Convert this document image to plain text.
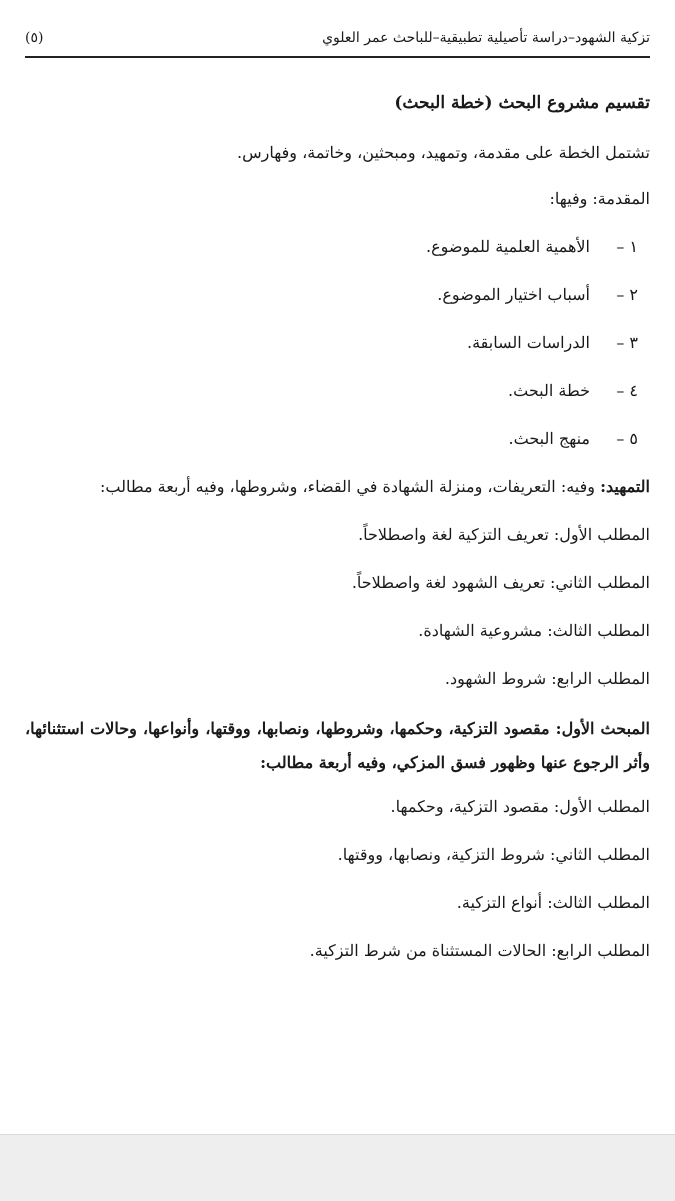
تزكية الشهود–دراسة تأصيلية تطبيقية–للباحث عمر العلوي
(٥)
تقسيم مشروع البحث (خطة البحث)
تشتمل الخطة على مقدمة، وتمهيد، ومبحثين، وخاتمة، وفهارس.
المقدمة: وفيها:
١ –الأهمية العلمية للموضوع.
٢ –أسباب اختيار الموضوع.
٣ –الدراسات السابقة.
٤ –خطة البحث.
٥ –منهج البحث.
التمهيد: وفيه: التعريفات، ومنزلة الشهادة في القضاء، وشروطها، وفيه أربعة مطالب:
المطلب الأول: تعريف التزكية لغة واصطلاحاً.
المطلب الثاني: تعريف الشهود لغة واصطلاحاً.
المطلب الثالث: مشروعية الشهادة.
المطلب الرابع: شروط الشهود.
المبحث الأول: مقصود التزكية، وحكمها، وشروطها، ونصابها، ووقتها، وأنواعها، وحالات استثنائها، وأثر الرجوع عنها وظهور فسق المزكي، وفيه أربعة مطالب:
المطلب الأول: مقصود التزكية، وحكمها.
المطلب الثاني: شروط التزكية، ونصابها، ووقتها.
المطلب الثالث: أنواع التزكية.
المطلب الرابع: الحالات المستثناة من شرط التزكية.
